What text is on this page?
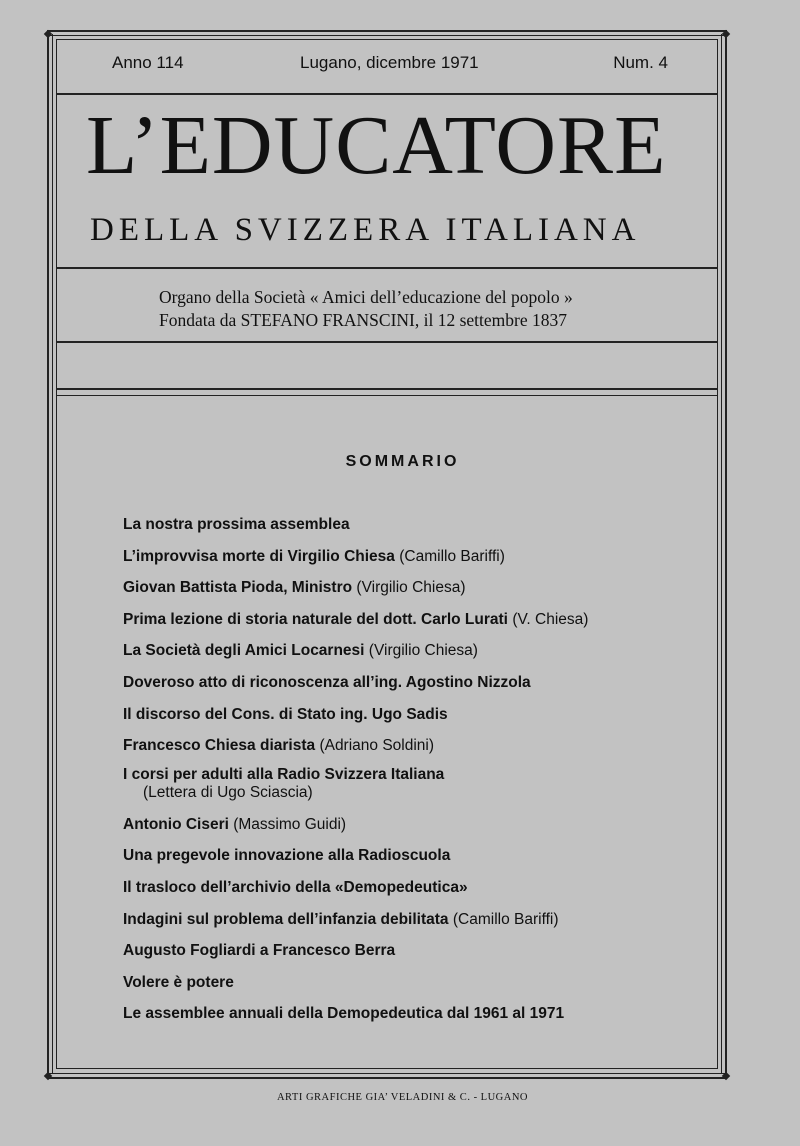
Anno 114	Lugano, dicembre 1971	Num. 4
L’EDUCATORE
DELLA SVIZZERA ITALIANA
Organo della Società « Amici dell’educazione del popolo »
Fondata da STEFANO FRANSCINI, il 12 settembre 1837
SOMMARIO
La nostra prossima assemblea
L’improvvisa morte di Virgilio Chiesa (Camillo Bariffi)
Giovan Battista Pioda, Ministro (Virgilio Chiesa)
Prima lezione di storia naturale del dott. Carlo Lurati (V. Chiesa)
La Società degli Amici Locarnesi (Virgilio Chiesa)
Doveroso atto di riconoscenza all’ing. Agostino Nizzola
Il discorso del Cons. di Stato ing. Ugo Sadis
Francesco Chiesa diarista (Adriano Soldini)
I corsi per adulti alla Radio Svizzera Italiana
(Lettera di Ugo Sciascia)
Antonio Ciseri (Massimo Guidi)
Una pregevole innovazione alla Radioscuola
Il trasloco dell’archivio della «Demopedeutica»
Indagini sul problema dell’infanzia debilitata (Camillo Bariffi)
Augusto Fogliardi a Francesco Berra
Volere è potere
Le assemblee annuali della Demopedeutica dal 1961 al 1971
ARTI GRAFICHE GIA’ VELADINI & C. - LUGANO
